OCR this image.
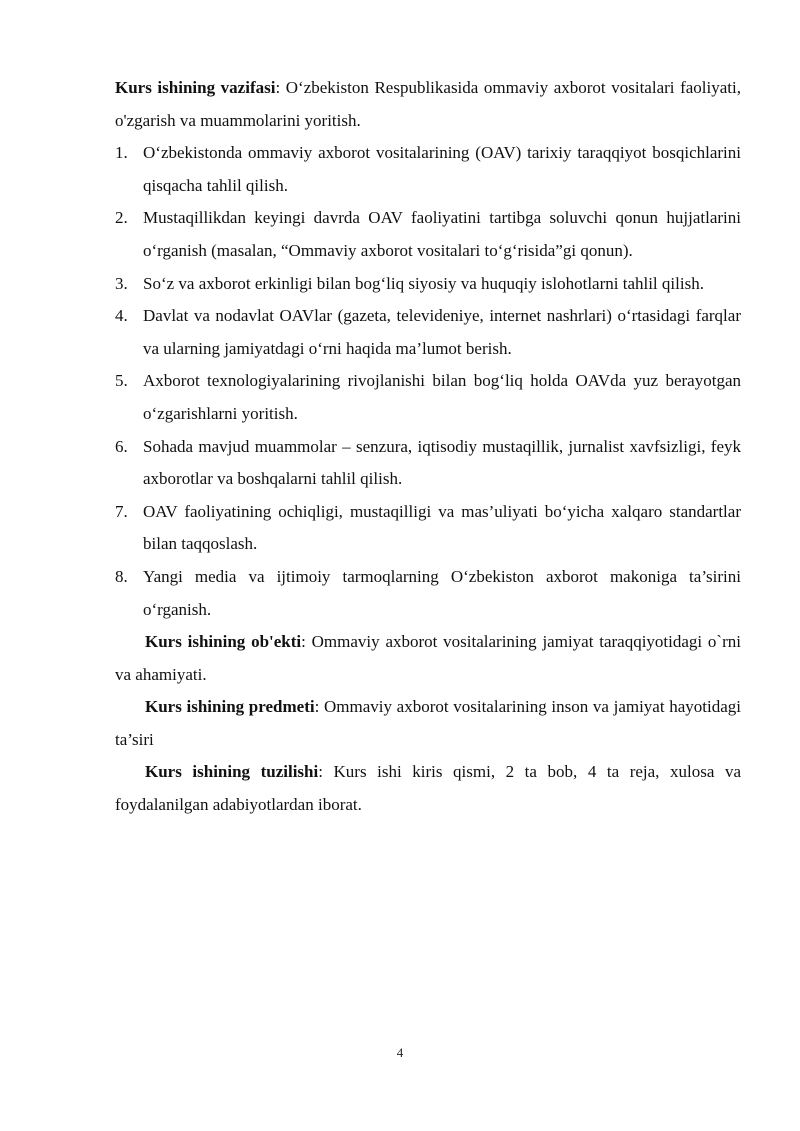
Kurs ishining vazifasi: O‘zbekiston Respublikasida ommaviy axborot vositalari faoliyati, o'zgarish va muammolarini yoritish.

1. O‘zbekistonda ommaviy axborot vositalarining (OAV) tarixiy taraqqiyot bosqichlarini qisqacha tahlil qilish.
2. Mustaqillikdan keyingi davrda OAV faoliyatini tartibga soluvchi qonun hujjatlarini o‘rganish (masalan, “Ommaviy axborot vositalari to‘g‘risida”gi qonun).
3. So‘z va axborot erkinligi bilan bog‘liq siyosiy va huquqiy islohotlarni tahlil qilish.
4. Davlat va nodavlat OAVlar (gazeta, televideniye, internet nashrlari) o‘rtasidagi farqlar va ularning jamiyatdagi o‘rni haqida ma’lumot berish.
5. Axborot texnologiyalarining rivojlanishi bilan bog‘liq holda OAVda yuz berayotgan o‘zgarishlarni yoritish.
6. Sohada mavjud muammolar – senzura, iqtisodiy mustaqillik, jurnalist xavfsizligi, feyk axborotlar va boshqalarni tahlil qilish.
7. OAV faoliyatining ochiqligi, mustaqilligi va mas’uliyati bo‘yicha xalqaro standartlar bilan taqqoslash.
8. Yangi media va ijtimoiy tarmoqlarning O‘zbekiston axborot makoniga ta’sirini o‘rganish.

Kurs ishining ob'ekti: Ommaviy axborot vositalarining jamiyat taraqqiyotidagi o`rni va ahamiyati.

Kurs ishining predmeti: Ommaviy axborot vositalarining inson va jamiyat hayotidagi ta’siri

Kurs ishining tuzilishi: Kurs ishi kiris qismi, 2 ta bob, 4 ta reja, xulosa va foydalanilgan adabiyotlardan iborat.

4
